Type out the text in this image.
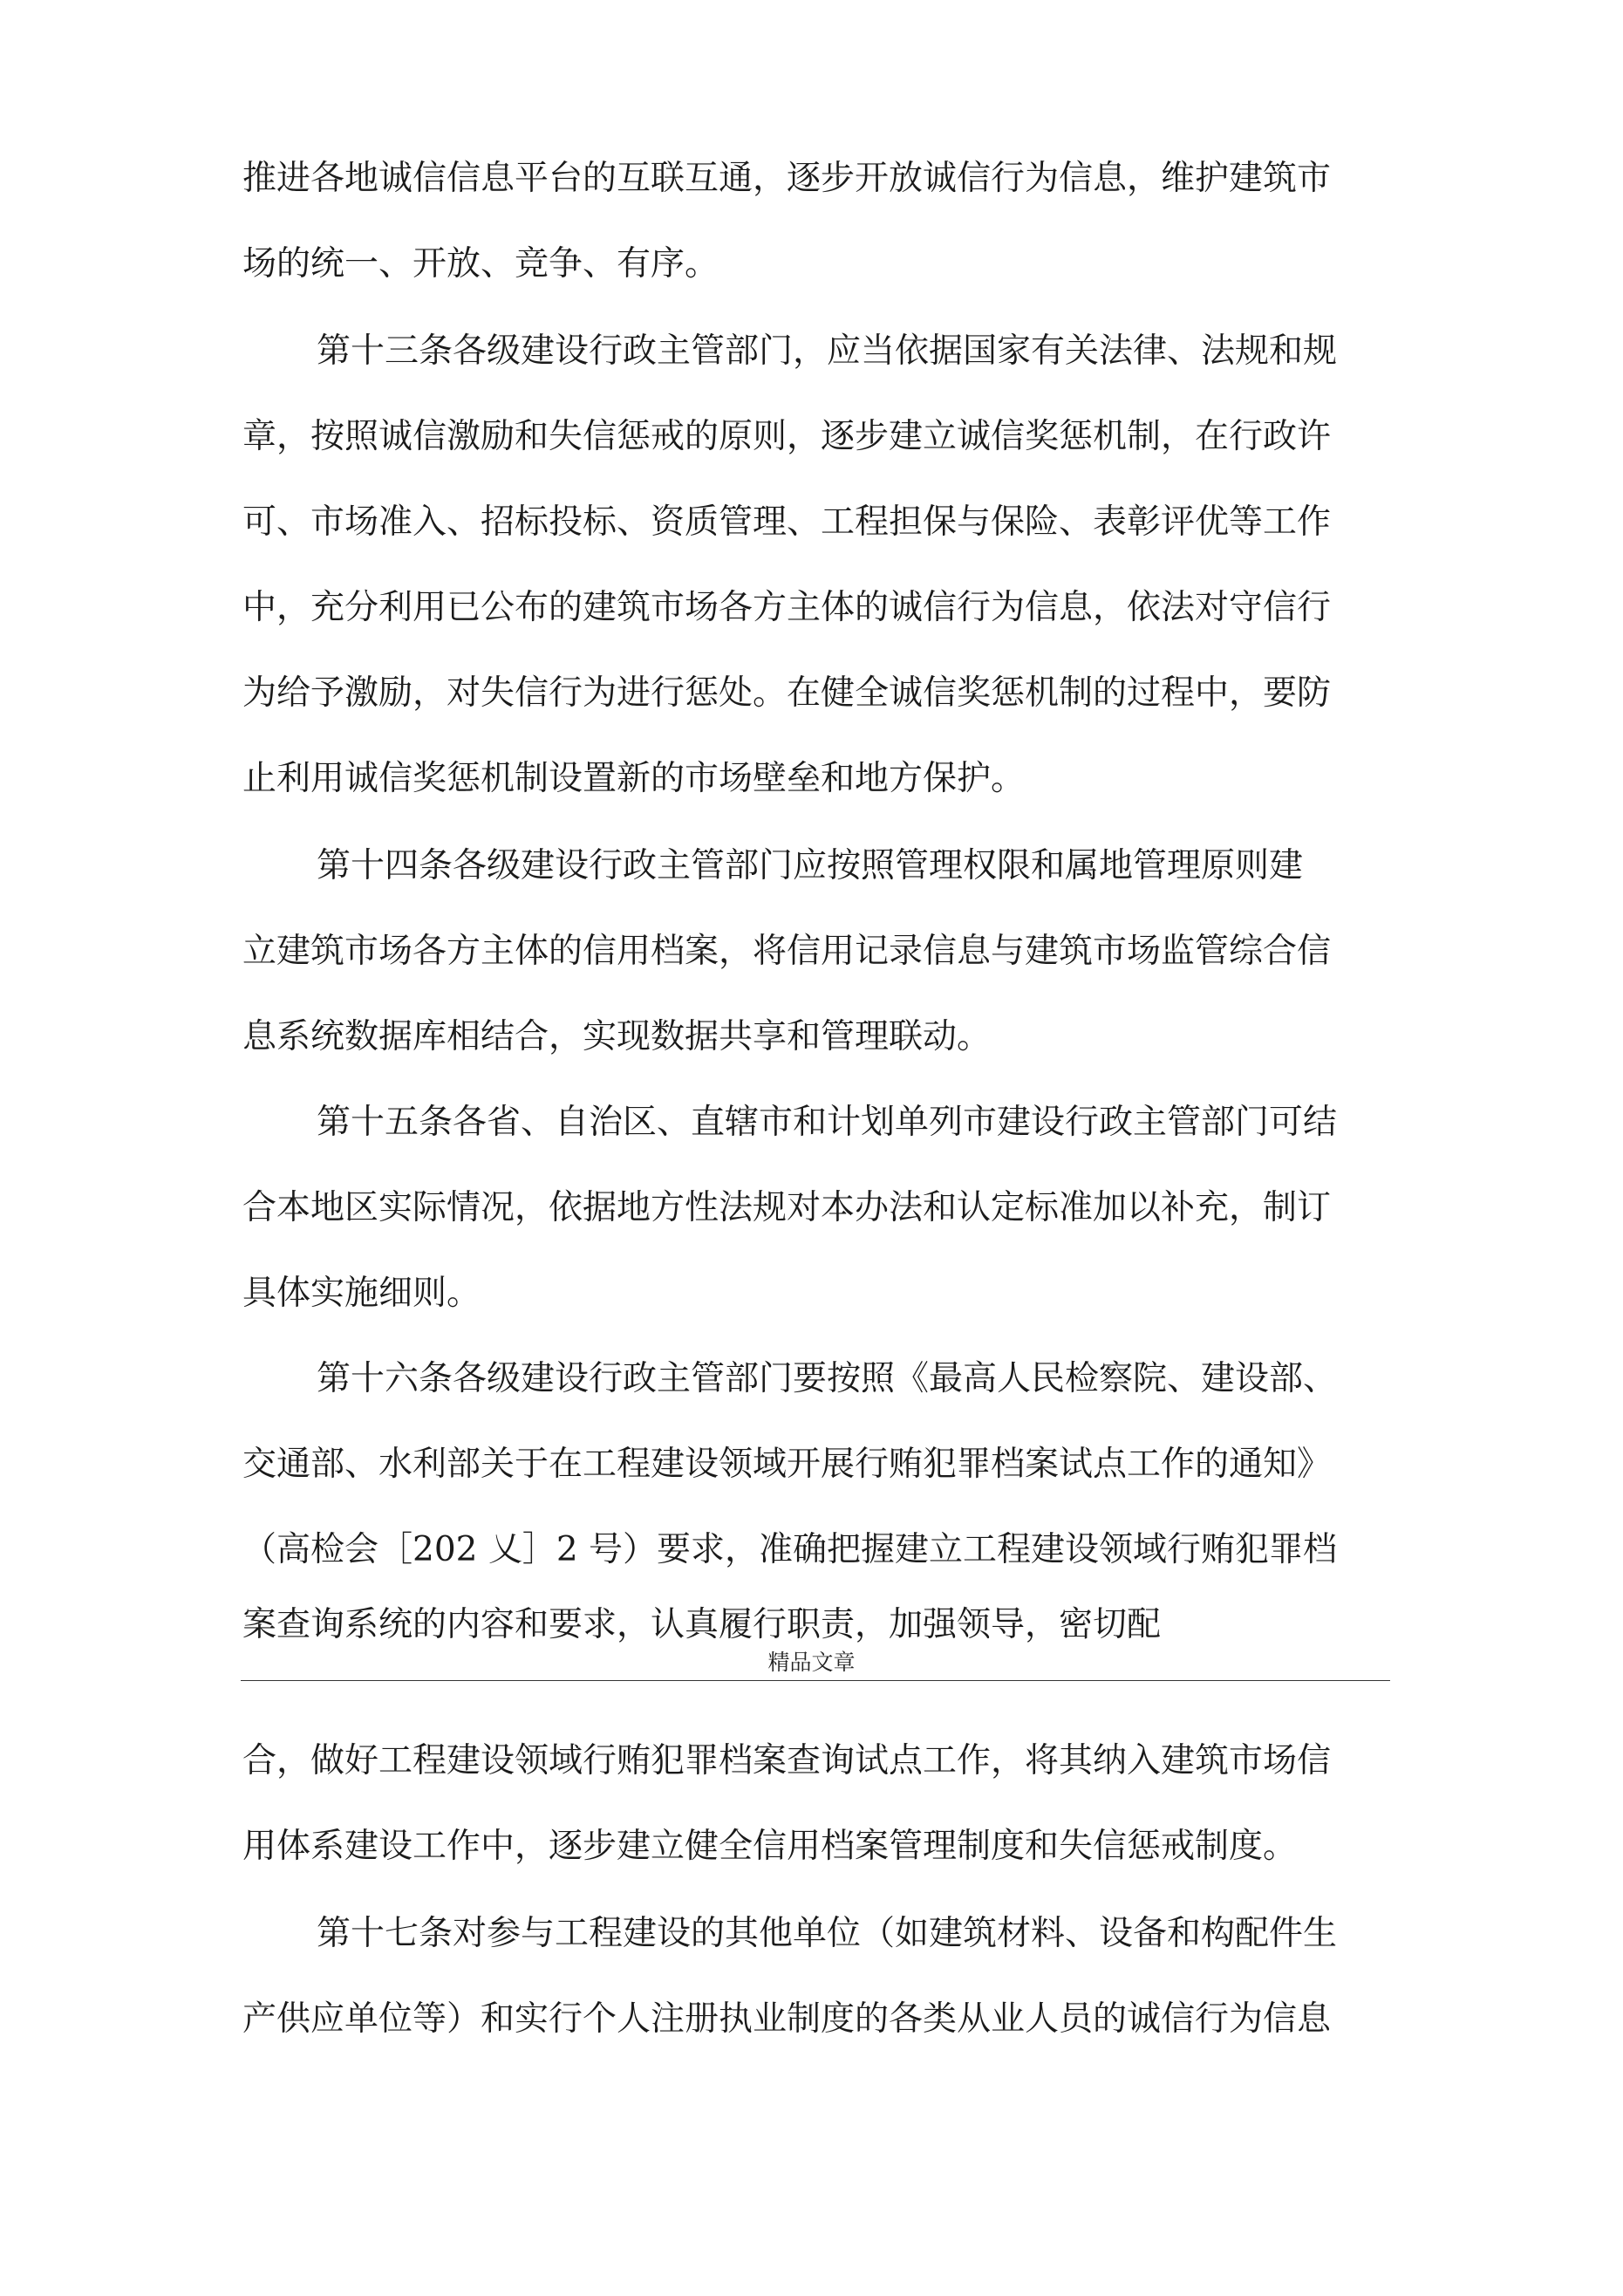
推进各地诚信信息平台的互联互通，逐步开放诚信行为信息，维护建筑市

场的统一、开放、竞争、有序。

第十三条各级建设行政主管部门，应当依据国家有关法律、法规和规

章，按照诚信激励和失信惩戒的原则，逐步建立诚信奖惩机制，在行政许

可、市场准入、招标投标、资质管理、工程担保与保险、表彰评优等工作

中，充分利用已公布的建筑市场各方主体的诚信行为信息，依法对守信行

为给予激励，对失信行为进行惩处。在健全诚信奖惩机制的过程中，要防

止利用诚信奖惩机制设置新的市场壁垒和地方保护。

第十四条各级建设行政主管部门应按照管理权限和属地管理原则建

立建筑市场各方主体的信用档案，将信用记录信息与建筑市场监管综合信

息系统数据库相结合，实现数据共享和管理联动。

第十五条各省、自治区、直辖市和计划单列市建设行政主管部门可结

合本地区实际情况，依据地方性法规对本办法和认定标准加以补充，制订

具体实施细则。

第十六条各级建设行政主管部门要按照《最高人民检察院、建设部、

交通部、水利部关于在工程建设领域开展行贿犯罪档案试点工作的通知》

（高检会［202 乂］2 号）要求，准确把握建立工程建设领域行贿犯罪档

案查询系统的内容和要求，认真履行职责，加强领导，密切配

精品文章

合，做好工程建设领域行贿犯罪档案查询试点工作，将其纳入建筑市场信

用体系建设工作中，逐步建立健全信用档案管理制度和失信惩戒制度。

第十七条对参与工程建设的其他单位（如建筑材料、设备和构配件生

产供应单位等）和实行个人注册执业制度的各类从业人员的诚信行为信息
